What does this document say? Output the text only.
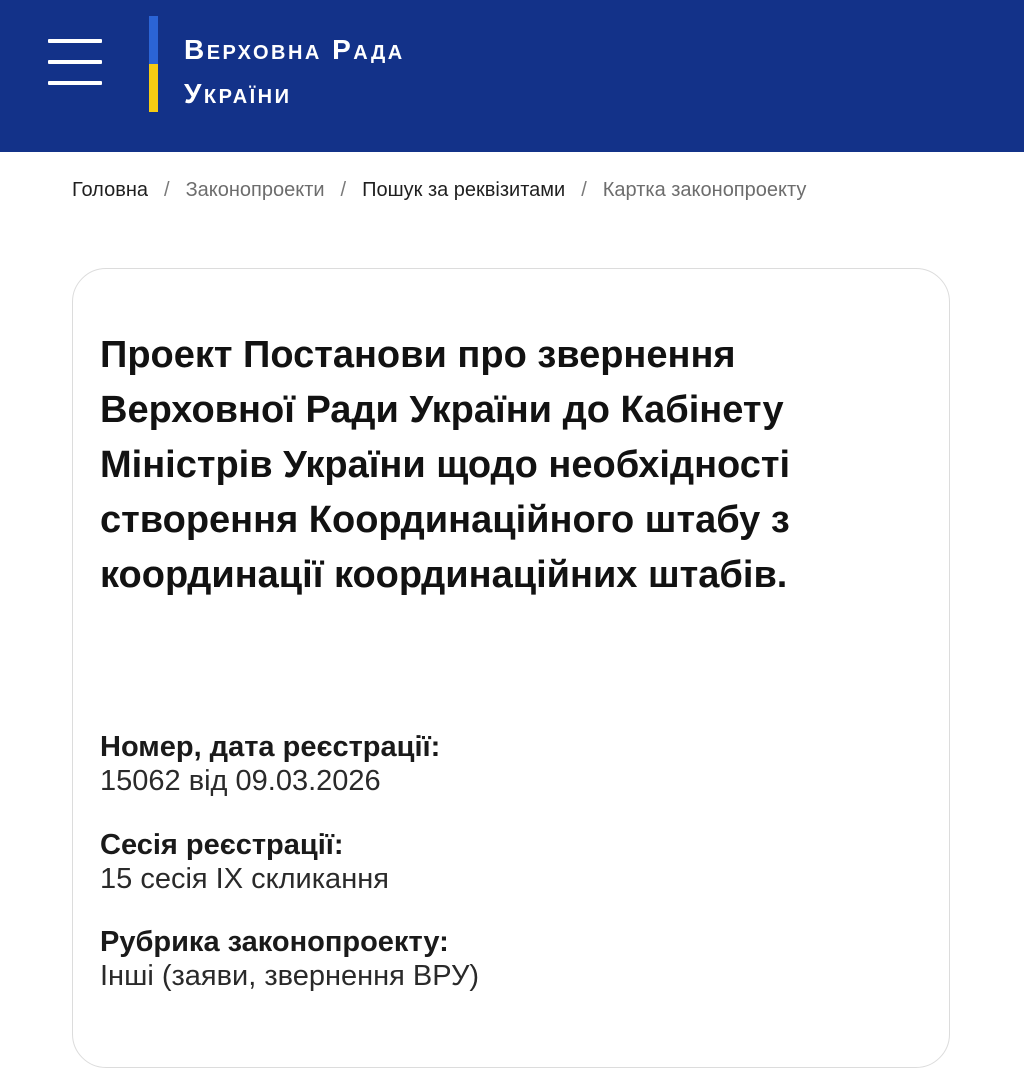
Верховна Рада
України
Головна / Законопроекти / Пошук за реквізитами / Картка законопроекту
Проект Постанови про звернення Верховної Ради України до Кабінету Міністрів України щодо необхідності створення Координаційного штабу з координації координаційних штабів.
Номер, дата реєстрації:
15062 від 09.03.2026
Сесія реєстрації:
15 сесія IX скликання
Рубрика законопроекту:
Інші (заяви, звернення ВРУ)
